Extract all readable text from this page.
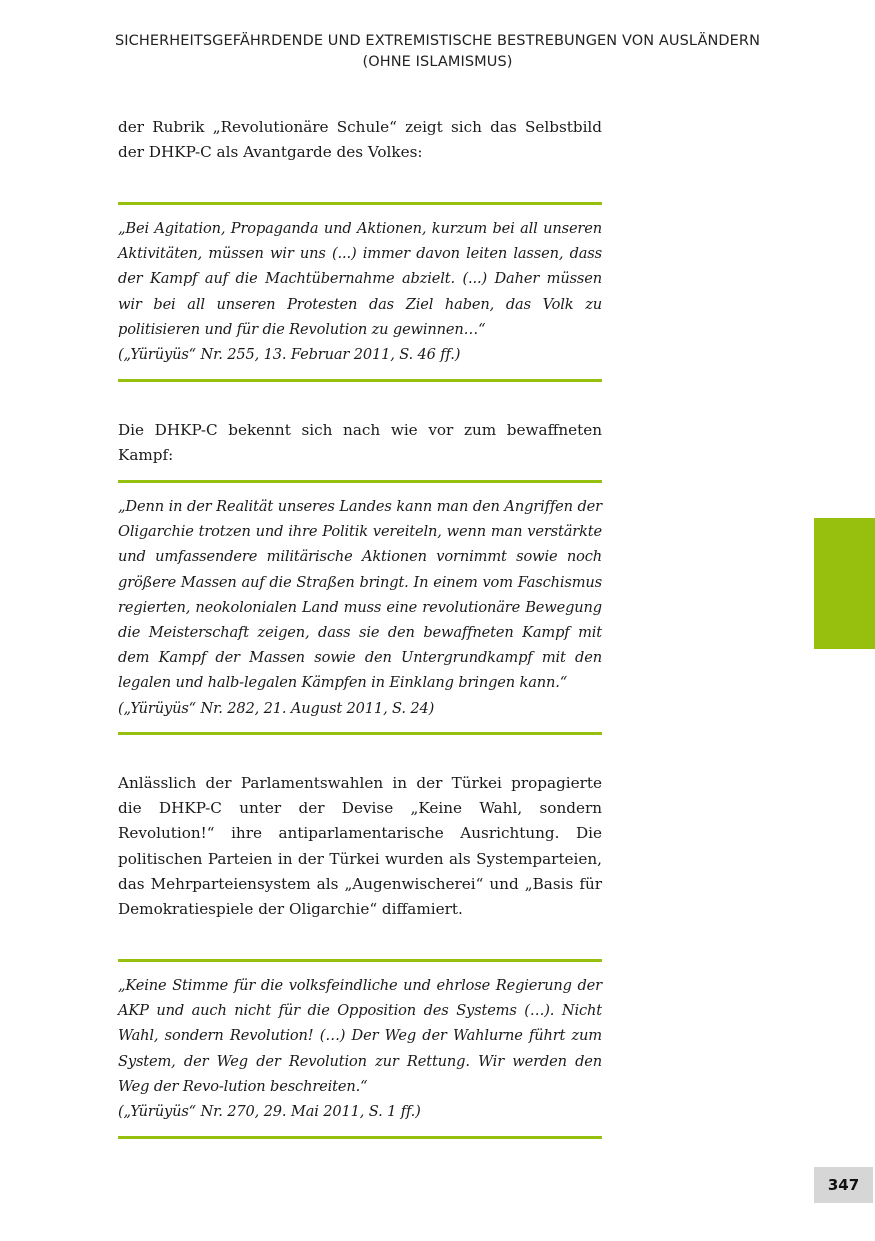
SICHERHEITSGEFÄHRDENDE UND EXTREMISTISCHE BESTREBUNGEN VON AUSLÄNDERN
(OHNE ISLAMISMUS)

der Rubrik „Revolutionäre Schule“ zeigt sich das Selbstbild der DHKP-C als Avantgarde des Volkes:

„Bei Agitation, Propaganda und Aktionen, kurzum bei all unseren Aktivitäten, müssen wir uns (...) immer davon leiten lassen, dass der Kampf auf die Machtübernahme abzielt. (...) Daher müssen wir bei all unseren Protesten das Ziel haben, das Volk zu politisieren und für die Revolution zu gewinnen…“
(„Yürüyüs“ Nr. 255, 13. Februar 2011, S. 46 ff.)

Die DHKP-C bekennt sich nach wie vor zum bewaffneten Kampf:

„Denn in der Realität unseres Landes kann man den Angriffen der Oligarchie trotzen und ihre Politik vereiteln, wenn man verstärkte und umfassendere militärische Aktionen vornimmt sowie noch größere Massen auf die Straßen bringt. In einem vom Faschismus regierten, neokolonialen Land muss eine revolutionäre Bewegung die Meisterschaft zeigen, dass sie den bewaffneten Kampf mit dem Kampf der Massen sowie den Untergrundkampf mit den legalen und halb-legalen Kämpfen in Einklang bringen kann.“
(„Yürüyüs“ Nr. 282, 21. August 2011, S. 24)

Anlässlich der Parlamentswahlen in der Türkei propagierte die DHKP-C unter der Devise „Keine Wahl, sondern Revolution!“ ihre antiparlamentarische Ausrichtung. Die politischen Parteien in der Türkei wurden als Systemparteien, das Mehrparteiensystem als „Augenwischerei“ und „Basis für Demokratiespiele der Oligarchie“ diffamiert.

„Keine Stimme für die volksfeindliche und ehrlose Regierung der AKP und auch nicht für die Opposition des Systems (…). Nicht Wahl, sondern Revolution! (…) Der Weg der Wahlurne führt zum System, der Weg der Revolution zur Rettung. Wir werden den Weg der Revo-lution beschreiten.“
(„Yürüyüs“ Nr. 270, 29. Mai 2011, S. 1 ff.)
347
